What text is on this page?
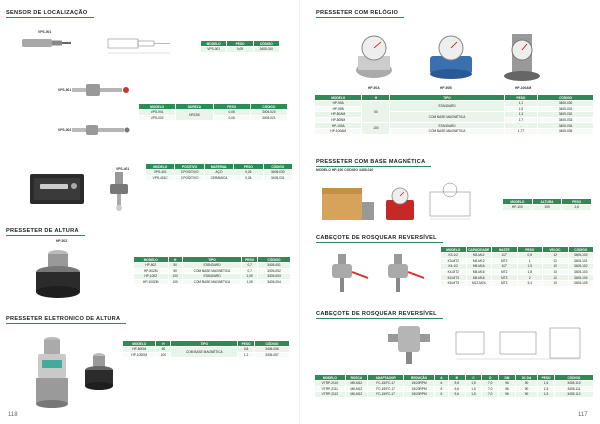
SENSOR DE LOCALIZAÇÃO
VPS-001
MODELO	PESO	CÓDIGO
VPS-001	0,09	3405-010
VPS-901
VPS-002
MODELO	DUREZA	PESO	CÓDIGO
VPS-901	HRC55	0,06	3405-020
VPS-002		0,06	3405-021
VPS-401
MODELO	POSITIVO	MATERIAL	PESO	CÓDIGO
VPS-401	3 POSITIVO	AÇO	0,26	3405-030
VPS-401C	3 POSITIVO	CERÂMICA	0,26	3405-031
PRESSETER DE ALTURA
HP-50Z
MODELO	H	TIPO	PESO	CÓDIGO
HP-50Z	50	STANDARD	0,7	3405-051
HP-50ZM	50	COM BASE MAGNÉTICA	0,7	3405-052
HP-100Z	100	STANDARD	1,05	3405-053
HP-100ZM	100	COM BASE MAGNÉTICA	1,05	3405-054
PRESSETER ELETRONICO DE ALTURA
MODELO	H	TIPO	PESO	CÓDIGO
HP-50EM	50	COM BASE MAGNÉTICA	0,8	3405-056
HP-100EM	100		1,2	3405-057
118
PRESSETER COM RELÓGIO
HP-50A	HP-50B	HP-100AM
MODELO	H	TIPO	PESO	CÓDIGO
HP-50A	50	STANDARD	1,1	3405-030
HP-50B			1,5	3405-031
HP-50AM		COM BASE MAGNÉTICA	1,3	3405-032
HP-50BM			1,7	3405-033
HP-100A	100	STANDARD	-	3405-034
HP-100AM		COM BASE MAGNÉTICA	1,77	3405-035
PRESSETER COM BASE MAGNÉTICA
MODELO HP-100 CÓDIGO 3405-010
MODELO	ALTURA	PESO
HP-100	100	2,6
CABEÇOTE DE ROSQUEAR REVERSÍVEL
MODELO	CAPACIDADE	HASTE	PESO	VELOC.	CÓDIGO
K3-1/2	M3-M12	1/2"	0,8	12	3405-100
K3-MT2	M3-M12	MT2	1	12	3405-101
K4-1/2	M5-M16	1/2"	1,5	10	3405-102
K4-MT2	M5-M16	MT2	1,8	10	3405-103
K4-MT3	M5-M16	MT3	2	10	3405-104
K6-MT3	M12-M24	MT3	3,4	10	3405-105
CABEÇOTE DE ROSQUEAR REVERSÍVEL
MODELO	ROSCA	ADAPTADOR	REDUÇÃO	A	B	C	D	DM	D1 DA	PESO	CÓDIGO
VTRP-2110	M6-M12	FC-15/FC-17	15/20RPM	6	9,6	1,5	7,0	96	90	1,5	3405-110
VTRP-2111	M6-M12	FC-15/FC-17	15/20RPM	6	9,6	1,5	7,0	96	90	1,5	3405-111
VTRP-2112	M6-M12	FC-15/FC-17	15/20RPM	6	9,6	1,5	7,0	96	90	1,5	3405-112
117
